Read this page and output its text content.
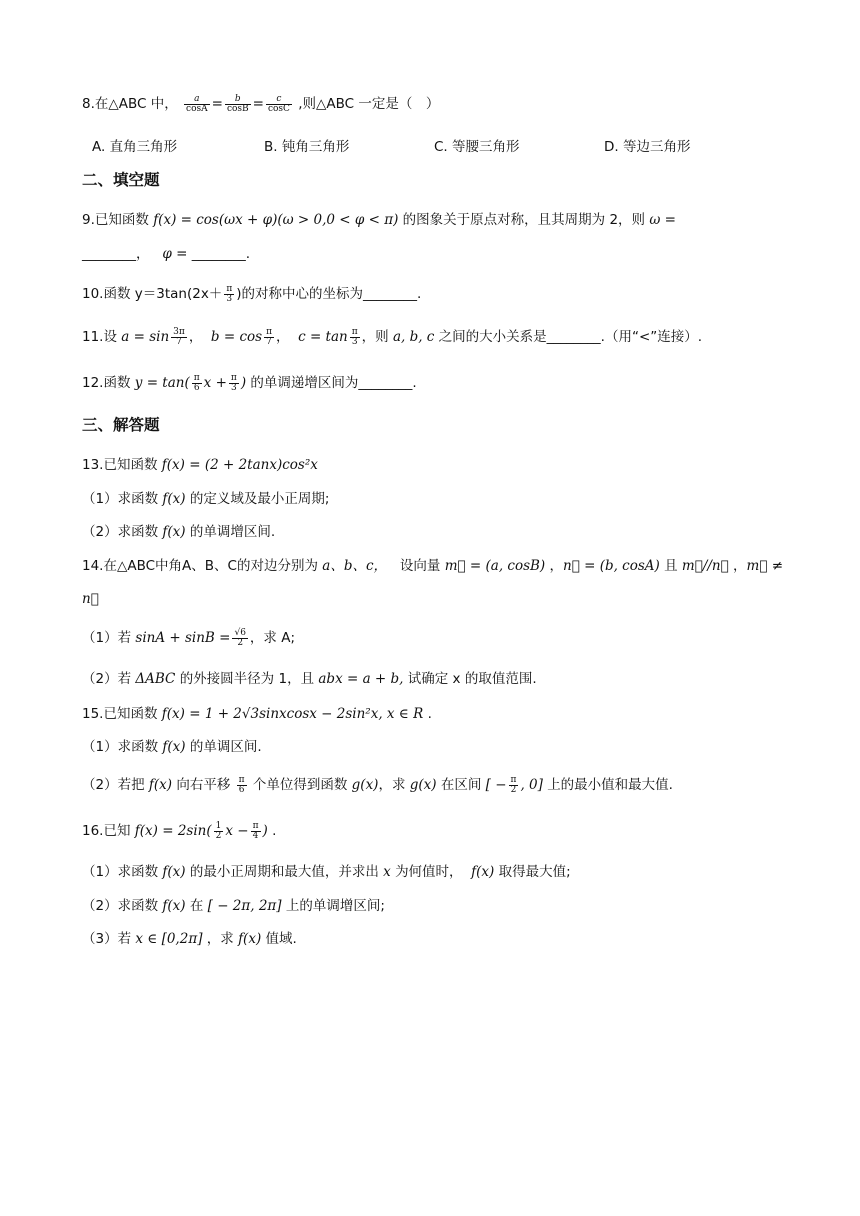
8.在△ABC 中， $\frac{a}{\cos A} = \frac{b}{\cos B} = \frac{c}{\cos C}$ ,则△ABC 一定是（　）
A. 直角三角形	B. 钝角三角形	C. 等腰三角形	D. 等边三角形
二、填空题
9.已知函数 f(x) = cos(ωx + φ)(ω > 0,0 < φ < π) 的图象关于原点对称，且其周期为 2，则 ω =
________， φ = ________.
10.函数 $y=3\tan(2x+ \frac{\pi}{3}$ )的对称中心的坐标为________.
11.设 $a = \sin \frac{3\pi}{7}$ ，  $b = \cos \frac{\pi}{7}$ ，  $c = \tan \frac{\pi}{3}$ ，则 a, b, c 之间的大小关系是________.（用“<”连接）.
12.函数 $y = \tan( \frac{\pi}{6}$ $x + \frac{\pi}{3}$ ) 的单调递增区间为________.
三、解答题
13.已知函数 f(x) = (2 + 2tanx)cos²x
（1）求函数 f(x) 的定义域及最小正周期;
（2）求函数 f(x) 的单调增区间.
14.在△ABC中角A、B、C的对边分别为 a、b、c， 设向量 m⃗ = (a, cosB) ，n⃗ = (b, cosA) 且 m⃗//n⃗ ，m⃗ ≠
n⃗
（1）若 $\sin A + \sin B = \frac{√6}{2}$ ，求 A;
（2）若 ΔABC 的外接圆半径为 1，且 abx = a + b, 试确定 x 的取值范围.
15.已知函数 f(x) = 1 + 2√3sinxcosx − 2sin²x, x ∈ R .
（1）求函数 f(x) 的单调区间.
（2）若把 f(x) 向右平移 $\frac{\pi}{6}$ 个单位得到函数 g(x)，求 g(x) 在区间 [ − $\frac{\pi}{2}$ , 0] 上的最小值和最大值.
16.已知 $f(x) = 2\sin( \frac{1}{2}$ $x - \frac{\pi}{4}$ ) .
（1）求函数 f(x) 的最小正周期和最大值，并求出 x 为何值时， f(x) 取得最大值;
（2）求函数 f(x) 在 [ − 2π, 2π] 上的单调增区间;
（3）若 x ∈ [0,2π] ，求 f(x) 值域.
